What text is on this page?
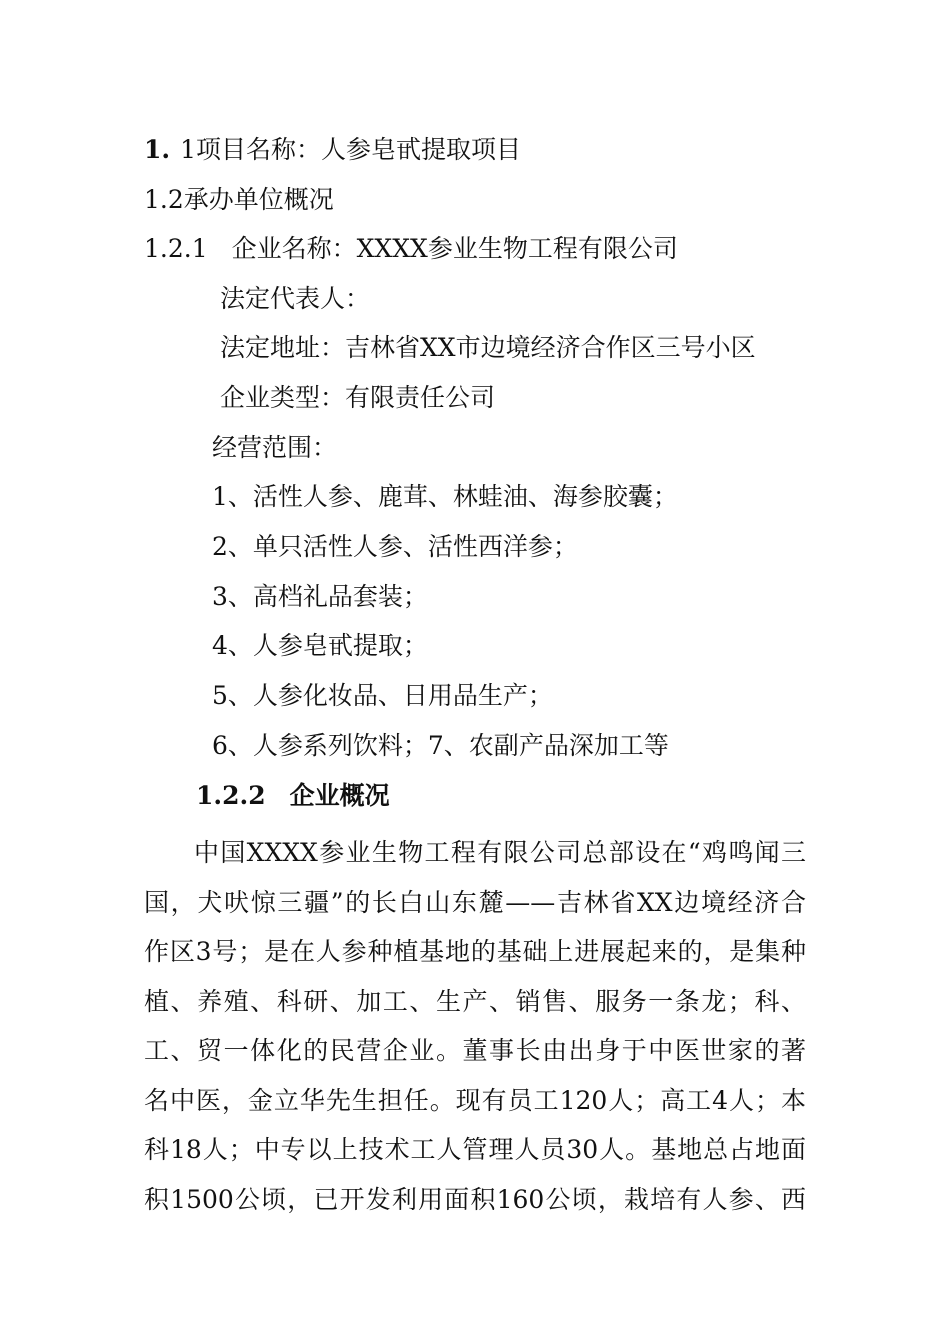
1. 1项目名称：人参皂甙提取项目
1.2承办单位概况
1.2.1 企业名称：XXXX参业生物工程有限公司
法定代表人：
法定地址：吉林省XX市边境经济合作区三号小区
企业类型：有限责任公司
经营范围：
1、活性人参、鹿茸、林蛙油、海参胶囊；
2、单只活性人参、活性西洋参；
3、高档礼品套装；
4、人参皂甙提取；
5、人参化妆品、日用品生产；
6、人参系列饮料；7、农副产品深加工等
1.2.2 企业概况
中国XXXX参业生物工程有限公司总部设在“鸡鸣闻三
国，犬吠惊三疆”的长白山东麓——吉林省XX边境经济合
作区3号；是在人参种植基地的基础上进展起来的，是集种
植、养殖、科研、加工、生产、销售、服务一条龙；科、
工、贸一体化的民营企业。董事长由出身于中医世家的著
名中医，金立华先生担任。现有员工120人；高工4人；本
科18人；中专以上技术工人管理人员30人。基地总占地面
积1500公顷，已开发利用面积160公顷，栽培有人参、西
